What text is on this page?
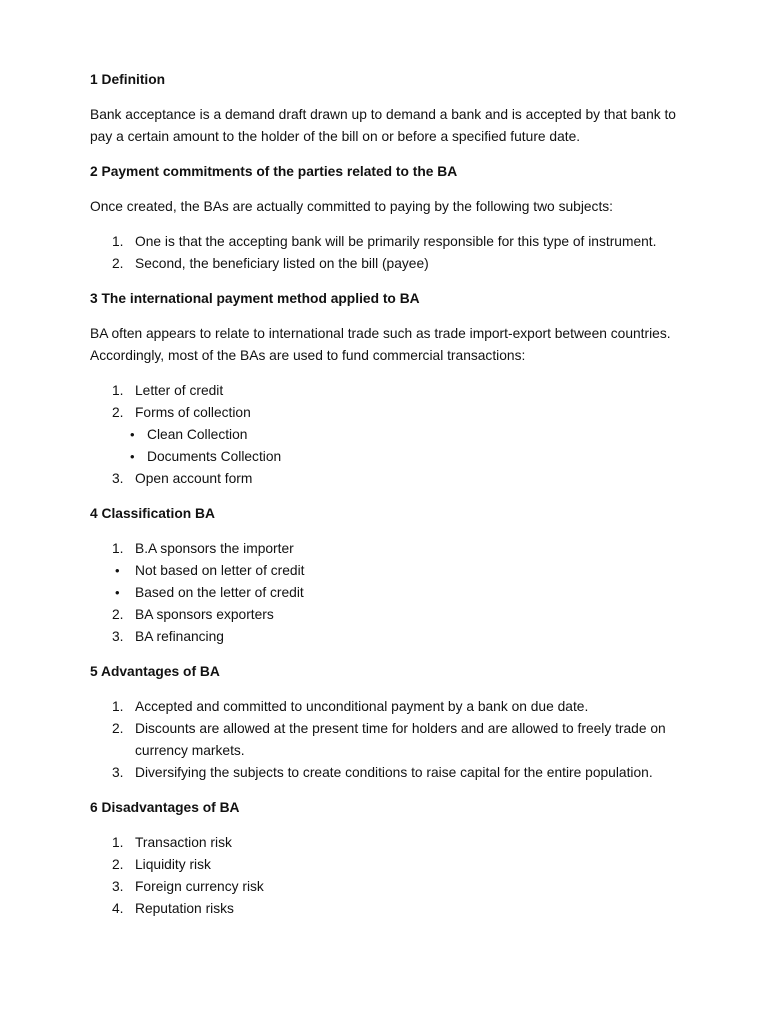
1 Definition
Bank acceptance is a demand draft drawn up to demand a bank and is accepted by that bank to pay a certain amount to the holder of the bill on or before a specified future date.
2 Payment commitments of the parties related to the BA
Once created, the BAs are actually committed to paying by the following two subjects:
1. One is that the accepting bank will be primarily responsible for this type of instrument.
2. Second, the beneficiary listed on the bill (payee)
3 The international payment method applied to BA
BA often appears to relate to international trade such as trade import-export between countries. Accordingly, most of the BAs are used to fund commercial transactions:
1. Letter of credit
2. Forms of collection
• Clean Collection
• Documents Collection
3. Open account form
4 Classification BA
1. B.A sponsors the importer
• Not based on letter of credit
• Based on the letter of credit
2. BA sponsors exporters
3. BA refinancing
5 Advantages of BA
1. Accepted and committed to unconditional payment by a bank on due date.
2. Discounts are allowed at the present time for holders and are allowed to freely trade on currency markets.
3. Diversifying the subjects to create conditions to raise capital for the entire population.
6 Disadvantages of BA
1. Transaction risk
2. Liquidity risk
3. Foreign currency risk
4. Reputation risks
